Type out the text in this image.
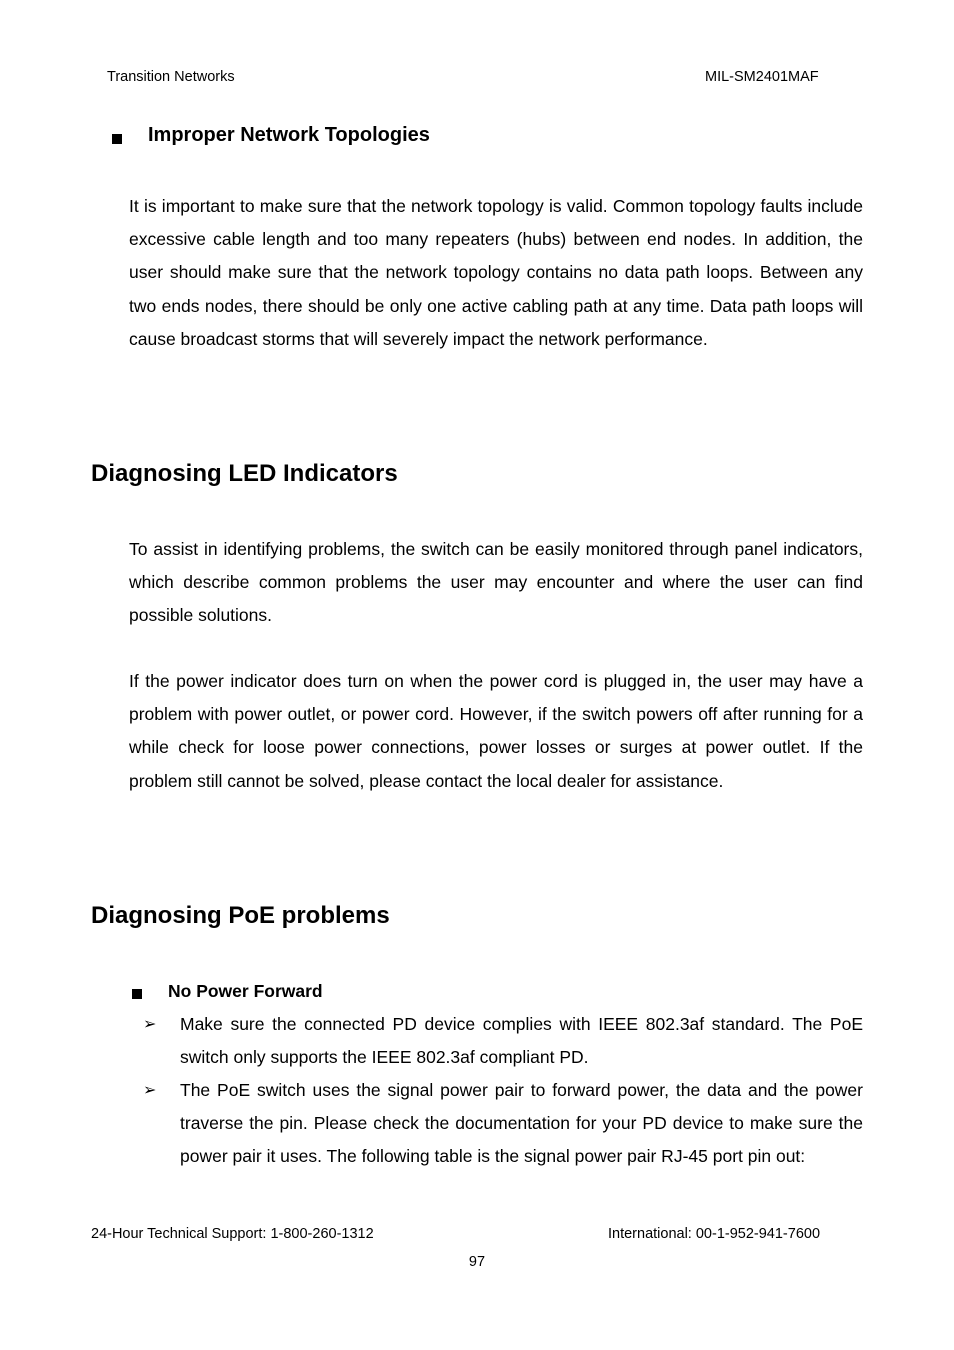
Transition Networks	MIL-SM2401MAF
Improper Network Topologies
It is important to make sure that the network topology is valid. Common topology faults include excessive cable length and too many repeaters (hubs) between end nodes. In addition, the user should make sure that the network topology contains no data path loops. Between any two ends nodes, there should be only one active cabling path at any time. Data path loops will cause broadcast storms that will severely impact the network performance.
Diagnosing LED Indicators
To assist in identifying problems, the switch can be easily monitored through panel indicators, which describe common problems the user may encounter and where the user can find possible solutions.
If the power indicator does turn on when the power cord is plugged in, the user may have a problem with power outlet, or power cord. However, if the switch powers off after running for a while check for loose power connections, power losses or surges at power outlet. If the problem still cannot be solved, please contact the local dealer for assistance.
Diagnosing PoE problems
No Power Forward
➢ Make sure the connected PD device complies with IEEE 802.3af standard. The PoE switch only supports the IEEE 802.3af compliant PD.
➢ The PoE switch uses the signal power pair to forward power, the data and the power traverse the pin. Please check the documentation for your PD device to make sure the power pair it uses. The following table is the signal power pair RJ-45 port pin out:
24-Hour Technical Support: 1-800-260-1312	International: 00-1-952-941-7600
97
